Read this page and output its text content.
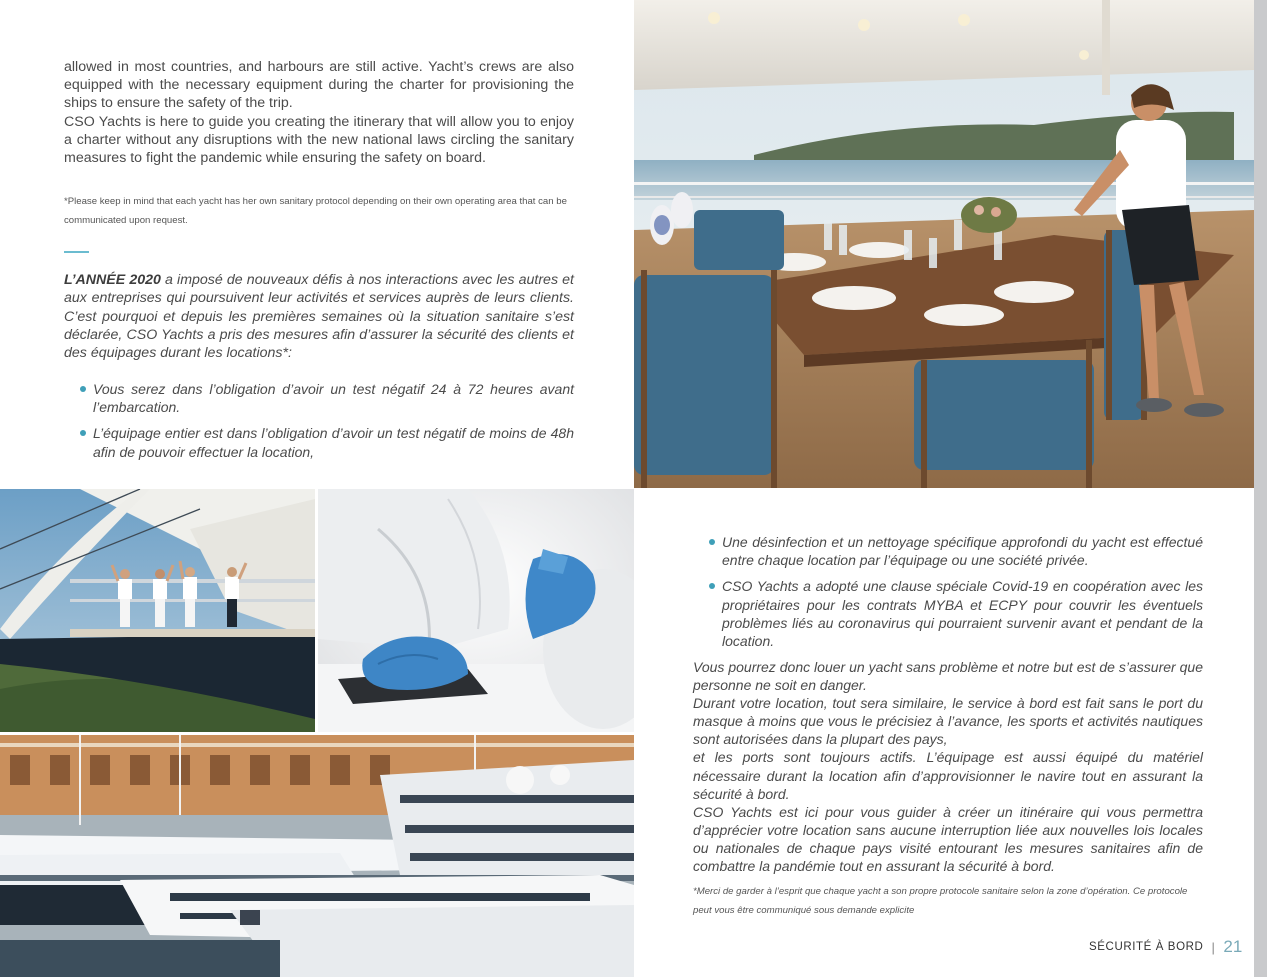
allowed in most countries, and harbours are still active. Yacht’s crews are also equipped with the necessary equipment during the charter for provisioning the ships to ensure the safety of the trip.

CSO Yachts is here to guide you creating the itinerary that will allow you to enjoy a charter without any disruptions with the new national laws circling the sanitary measures to fight the pandemic while ensuring the safety on board.

*Please keep in mind that each yacht has her own sanitary protocol depending on their own operating area that can be communicated upon request.
L’ANNÉE 2020 a imposé de nouveaux défis à nos interactions avec les autres et aux entreprises qui poursuivent leur activités et services auprès de leurs clients. C’est pourquoi et depuis les premières semaines où la situation sanitaire s’est déclarée, CSO Yachts a pris des mesures afin d’assurer la sécurité des clients et des équipages durant les locations*:
Vous serez dans l’obligation d’avoir un test négatif 24 à 72 heures avant l’embarcation.
L’équipage entier est dans l’obligation d’avoir un test négatif de moins de 48h afin de pouvoir effectuer la location,
Une désinfection et un nettoyage spécifique approfondi du yacht est effectué entre chaque location par l’équipage ou une société privée.
CSO Yachts a adopté une clause spéciale Covid-19 en coopération avec les propriétaires pour les contrats MYBA et ECPY pour couvrir les éventuels problèmes liés au coronavirus qui pourraient survenir avant et pendant de la location.

Vous pourrez donc louer un yacht sans problème et notre but est de s’assurer que personne ne soit en danger.

Durant votre location, tout sera similaire, le service à bord est fait sans le port du masque à moins que vous le précisiez à l’avance, les sports et activités nautiques sont autorisées dans la plupart des pays,

et les ports sont toujours actifs. L’équipage est aussi équipé du matériel nécessaire durant la location afin d’approvisionner le navire tout en assurant la sécurité à bord.

CSO Yachts est ici pour vous guider à créer un itinéraire qui vous permettra d’apprécier votre location sans aucune interruption liée aux nouvelles lois locales ou nationales de chaque pays visité entourant les mesures sanitaires afin de combattre la pandémie tout en assurant la sécurité à bord.

*Merci de garder à l’esprit que chaque yacht a son propre protocole sanitaire selon la zone d’opération. Ce protocole peut vous être communiqué sous demande explicite
SÉCURITÉ À BORD | 21
